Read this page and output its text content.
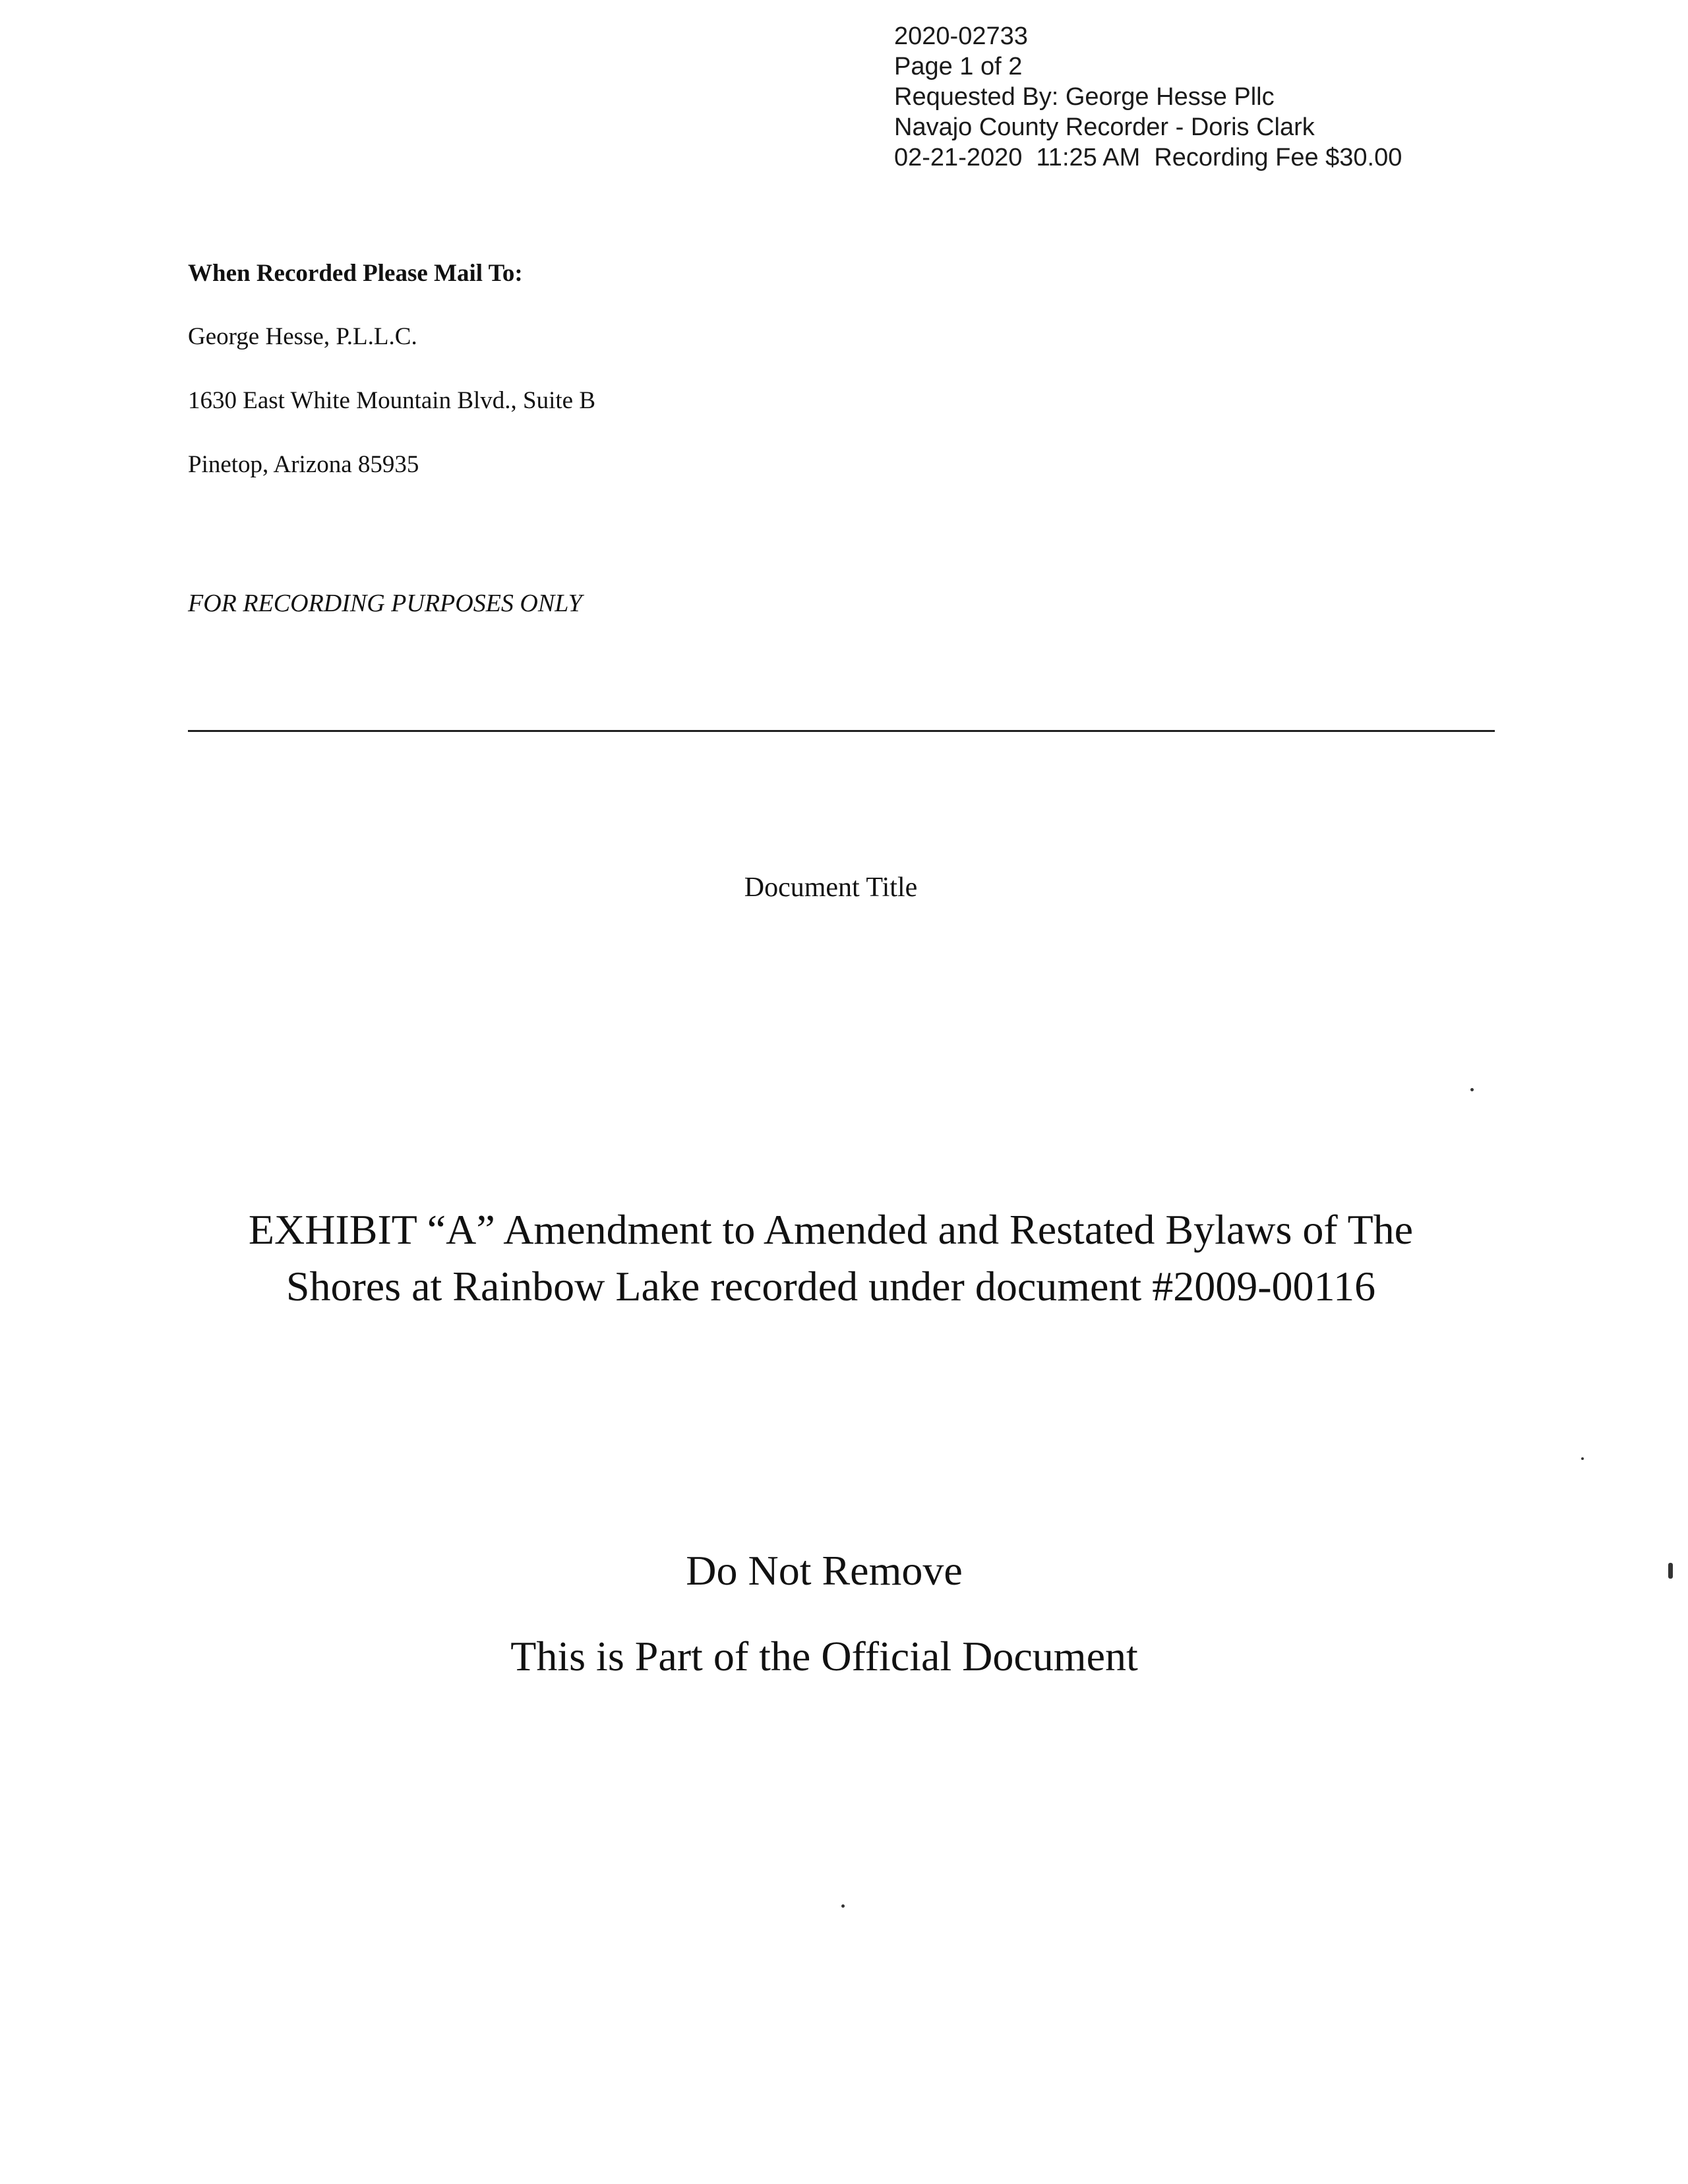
2020-02733
Page 1 of 2
Requested By: George Hesse Pllc
Navajo County Recorder - Doris Clark
02-21-2020  11:25 AM  Recording Fee $30.00
When Recorded Please Mail To:
George Hesse, P.L.L.C.
1630 East White Mountain Blvd., Suite B
Pinetop, Arizona 85935
FOR RECORDING PURPOSES ONLY
Document Title
EXHIBIT “A” Amendment to Amended and Restated Bylaws of The
Shores at Rainbow Lake recorded under document #2009-00116
Do Not Remove
This is Part of the Official Document
